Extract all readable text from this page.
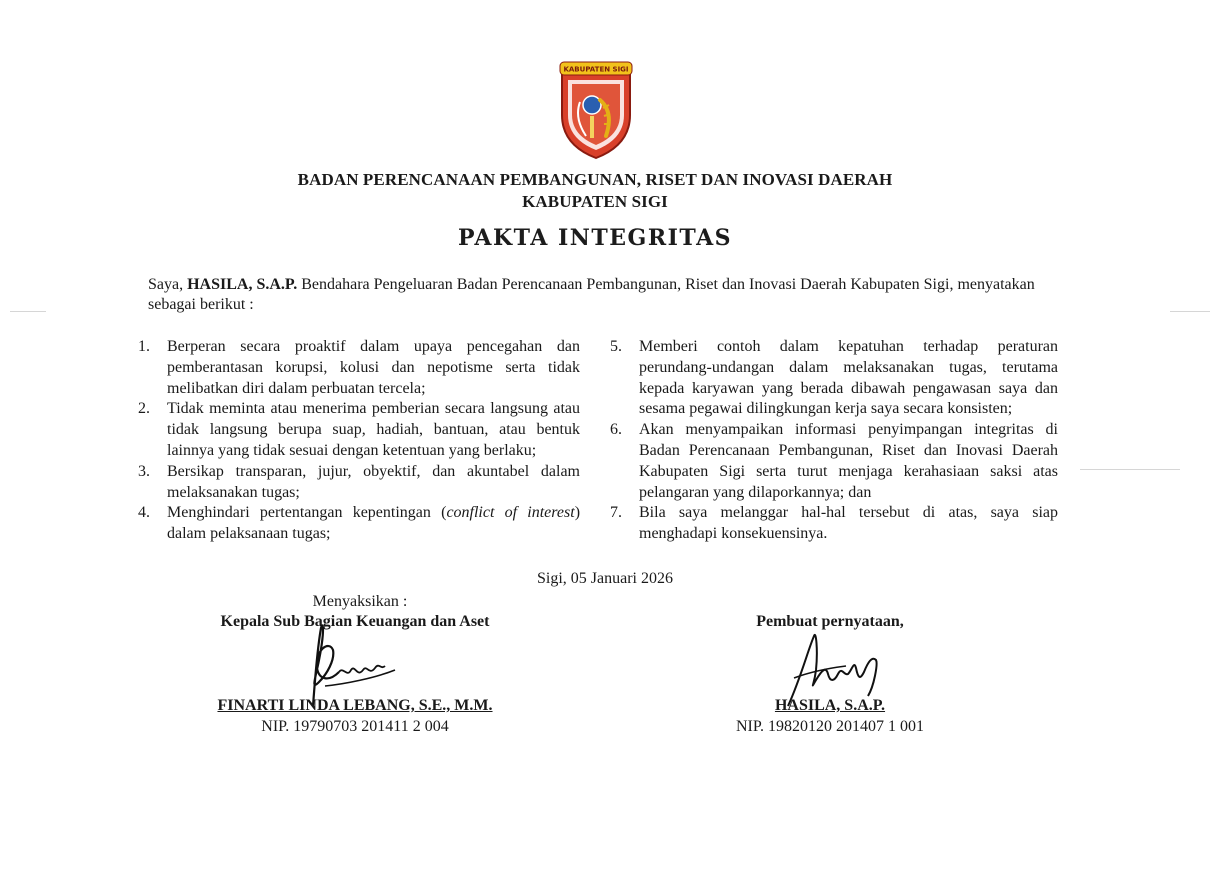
KABUPATEN SIGI
BADAN PERENCANAAN PEMBANGUNAN, RISET DAN INOVASI DAERAH
KABUPATEN SIGI
PAKTA INTEGRITAS
Saya, HASILA, S.A.P. Bendahara Pengeluaran Badan Perencanaan Pembangunan, Riset dan Inovasi Daerah Kabupaten Sigi, menyatakan sebagai berikut :
1. Berperan secara proaktif dalam upaya pencegahan dan pemberantasan korupsi, kolusi dan nepotisme serta tidak melibatkan diri dalam perbuatan tercela;
2. Tidak meminta atau menerima pemberian secara langsung atau tidak langsung berupa suap, hadiah, bantuan, atau bentuk lainnya yang tidak sesuai dengan ketentuan yang berlaku;
3. Bersikap transparan, jujur, obyektif, dan akuntabel dalam melaksanakan tugas;
4. Menghindari pertentangan kepentingan (conflict of interest) dalam pelaksanaan tugas;
5. Memberi contoh dalam kepatuhan terhadap peraturan perundang-undangan dalam melaksanakan tugas, terutama kepada karyawan yang berada dibawah pengawasan saya dan sesama pegawai dilingkungan kerja saya secara konsisten;
6. Akan menyampaikan informasi penyimpangan integritas di Badan Perencanaan Pembangunan, Riset dan Inovasi Daerah Kabupaten Sigi serta turut menjaga kerahasiaan saksi atas pelangaran yang dilaporkannya; dan
7. Bila saya melanggar hal-hal tersebut di atas, saya siap menghadapi konsekuensinya.
Sigi, 05 Januari 2026
Menyaksikan :
Kepala Sub Bagian Keuangan dan Aset
FINARTI LINDA LEBANG, S.E., M.M.
NIP. 19790703 201411 2 004
Pembuat pernyataan,
HASILA, S.A.P.
NIP. 19820120 201407 1 001
